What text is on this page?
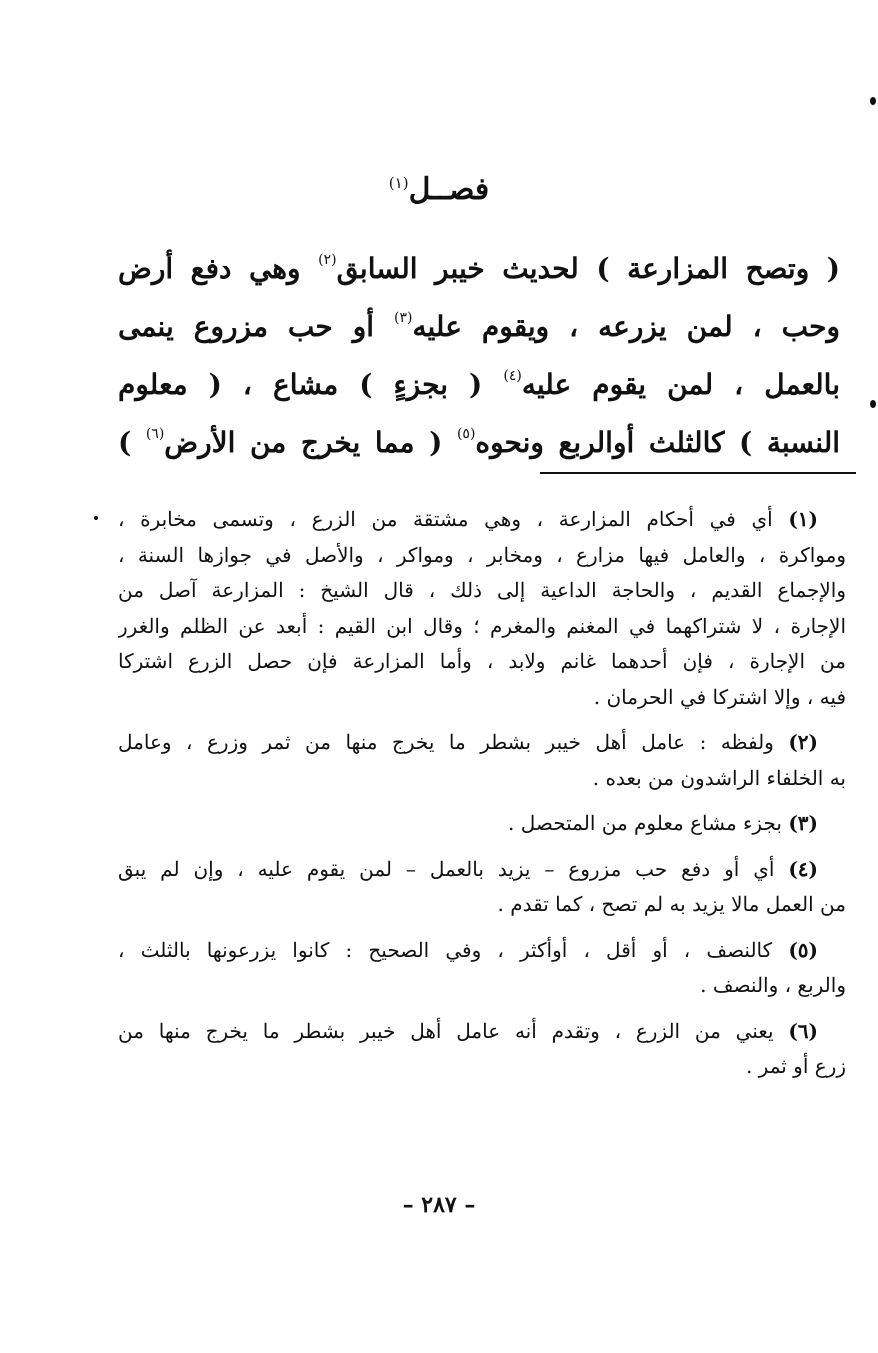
فصــل$^{(١)}$
( وتصح المزارعة ) لحديث خيبر السابق$^{(٢)}$ وهي دفع أرض
وحب ، لمن يزرعه ، ويقوم عليه$^{(٣)}$ أو حب مزروع ينمى
بالعمل ، لمن يقوم عليه$^{(٤)}$ ( بجزءٍ ) مشاع ، ( معلوم
النسبة ) كالثلث أوالربع ونحوه$^{(٥)}$ ( مما يخرج من الأرض$^{(٦)}$ )
(١) أي في أحكام المزارعة ، وهي مشتقة من الزرع ، وتسمى مخابرة ،
ومواكرة ، والعامل فيها مزارع ، ومخابر ، ومواكر ، والأصل في جوازها السنة ،
والإجماع القديم ، والحاجة الداعية إلى ذلك ، قال الشيخ : المزارعة آصل من
الإجارة ، لا شتراكهما في المغنم والمغرم ؛ وقال ابن القيم : أبعد عن الظلم والغرر
من الإجارة ، فإن أحدهما غانم ولابد ، وأما المزارعة فإن حصل الزرع اشتركا
فيه ، وإلا اشتركا في الحرمان .
(٢) ولفظه : عامل أهل خيبر بشطر ما يخرج منها من ثمر وزرع ، وعامل
به الخلفاء الراشدون من بعده .
(٣) بجزء مشاع معلوم من المتحصل .
(٤) أي أو دفع حب مزروع – يزيد بالعمل – لمن يقوم عليه ، وإن لم يبق
من العمل مالا يزيد به لم تصح ، كما تقدم .
(٥) كالنصف ، أو أقل ، أوأكثر ، وفي الصحيح : كانوا يزرعونها بالثلث ،
والربع ، والنصف .
(٦) يعني من الزرع ، وتقدم أنه عامل أهل خيبر بشطر ما يخرج منها من
زرع أو ثمر .
– ٢٨٧ –
